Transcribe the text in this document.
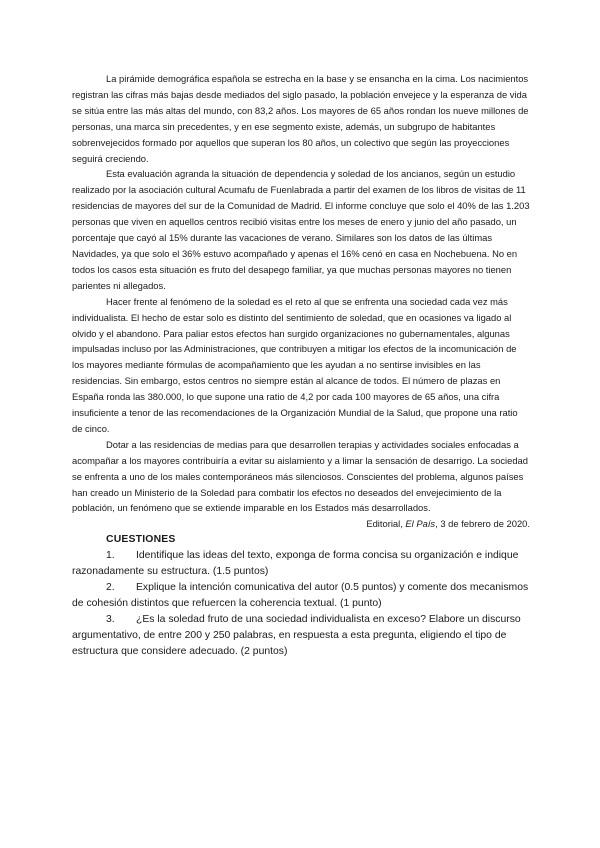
La pirámide demográfica española se estrecha en la base y se ensancha en la cima. Los nacimientos registran las cifras más bajas desde mediados del siglo pasado, la población envejece y la esperanza de vida se sitúa entre las más altas del mundo, con 83,2 años. Los mayores de 65 años rondan los nueve millones de personas, una marca sin precedentes, y en ese segmento existe, además, un subgrupo de habitantes sobrenvejecidos formado por aquellos que superan los 80 años, un colectivo que según las proyecciones seguirá creciendo.

Esta evaluación agranda la situación de dependencia y soledad de los ancianos, según un estudio realizado por la asociación cultural Acumafu de Fuenlabrada a partir del examen de los libros de visitas de 11 residencias de mayores del sur de la Comunidad de Madrid. El informe concluye que solo el 40% de las 1.203 personas que viven en aquellos centros recibió visitas entre los meses de enero y junio del año pasado, un porcentaje que cayó al 15% durante las vacaciones de verano. Similares son los datos de las últimas Navidades, ya que solo el 36% estuvo acompañado y apenas el 16% cenó en casa en Nochebuena. No en todos los casos esta situación es fruto del desapego familiar, ya que muchas personas mayores no tienen parientes ni allegados.

Hacer frente al fenómeno de la soledad es el reto al que se enfrenta una sociedad cada vez más individualista. El hecho de estar solo es distinto del sentimiento de soledad, que en ocasiones va ligado al olvido y el abandono. Para paliar estos efectos han surgido organizaciones no gubernamentales, algunas impulsadas incluso por las Administraciones, que contribuyen a mitigar los efectos de la incomunicación de los mayores mediante fórmulas de acompañamiento que les ayudan a no sentirse invisibles en las residencias. Sin embargo, estos centros no siempre están al alcance de todos. El número de plazas en España ronda las 380.000, lo que supone una ratio de 4,2 por cada 100 mayores de 65 años, una cifra insuficiente a tenor de las recomendaciones de la Organización Mundial de la Salud, que propone una ratio de cinco.

Dotar a las residencias de medias para que desarrollen terapias y actividades sociales enfocadas a acompañar a los mayores contribuiría a evitar su aislamiento y a limar la sensación de desarrigo. La sociedad se enfrenta a uno de los males contemporáneos más silenciosos. Conscientes del problema, algunos países han creado un Ministerio de la Soledad para combatir los efectos no deseados del envejecimiento de la población, un fenómeno que se extiende imparable en los Estados más desarrollados.

Editorial, El País, 3 de febrero de 2020.

CUESTIONES

1. Identifique las ideas del texto, exponga de forma concisa su organización e indique razonadamente su estructura. (1.5 puntos)

2. Explique la intención comunicativa del autor (0.5 puntos) y comente dos mecanismos de cohesión distintos que refuercen la coherencia textual. (1 punto)

3. ¿Es la soledad fruto de una sociedad individualista en exceso? Elabore un discurso argumentativo, de entre 200 y 250 palabras, en respuesta a esta pregunta, eligiendo el tipo de estructura que considere adecuado. (2 puntos)
